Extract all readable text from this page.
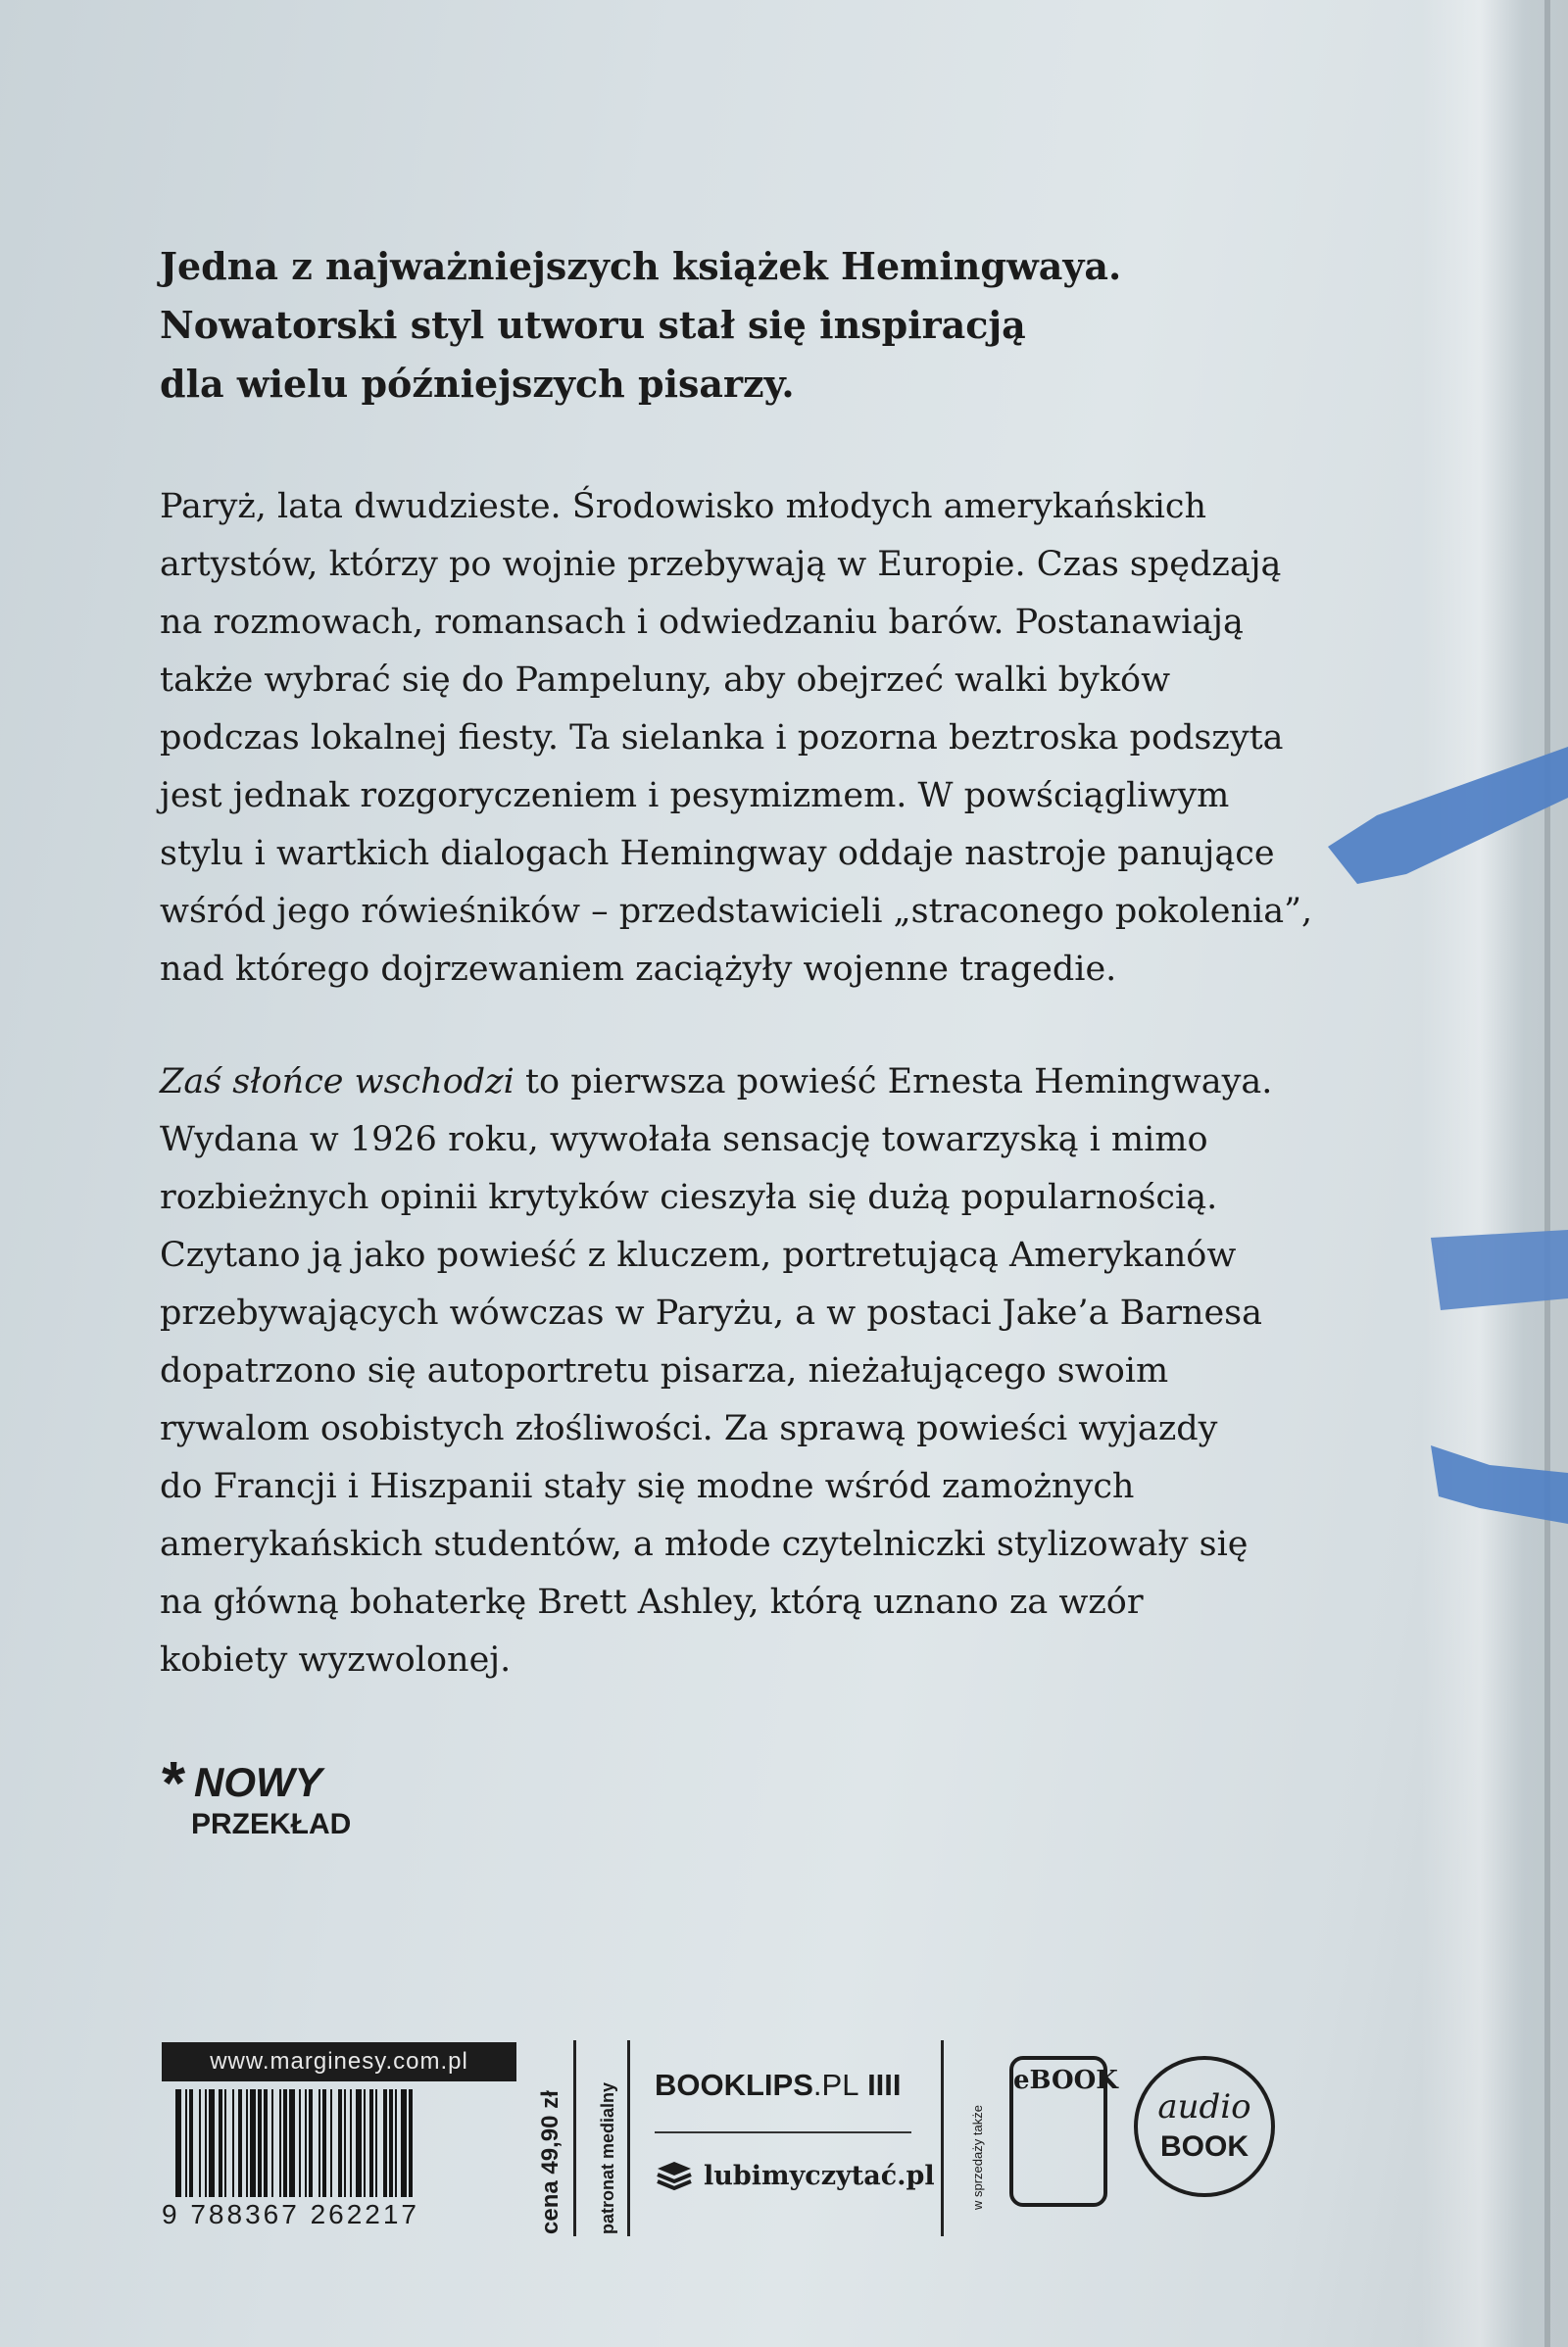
Jedna z najważniejszych książek Hemingwaya.
Nowatorski styl utworu stał się inspiracją
dla wielu późniejszych pisarzy.
Paryż, lata dwudzieste. Środowisko młodych amerykańskich
artystów, którzy po wojnie przebywają w Europie. Czas spędzają
na rozmowach, romansach i odwiedzaniu barów. Postanawiają
także wybrać się do Pampeluny, aby obejrzeć walki byków
podczas lokalnej fiesty. Ta sielanka i pozorna beztroska podszyta
jest jednak rozgoryczeniem i pesymizmem. W powściągliwym
stylu i wartkich dialogach Hemingway oddaje nastroje panujące
wśród jego rówieśników – przedstawicieli „straconego pokolenia”,
nad którego dojrzewaniem zaciążyły wojenne tragedie.
Zaś słońce wschodzi to pierwsza powieść Ernesta Hemingwaya.
Wydana w 1926 roku, wywołała sensację towarzyską i mimo
rozbieżnych opinii krytyków cieszyła się dużą popularnością.
Czytano ją jako powieść z kluczem, portretującą Amerykanów
przebywających wówczas w Paryżu, a w postaci Jake’a Barnesa
dopatrzono się autoportretu pisarza, nieżałującego swoim
rywalom osobistych złośliwości. Za sprawą powieści wyjazdy
do Francji i Hiszpanii stały się modne wśród zamożnych
amerykańskich studentów, a młode czytelniczki stylizowały się
na główną bohaterkę Brett Ashley, którą uznano za wzór
kobiety wyzwolonej.
* NOWY
PRZEKŁAD
www.marginesy.com.pl
9 788367 262217	cena 49,90 zł patronat medialny BOOKLIPS.PL IIII
lubimyczytać.pl	w sprzedaży także
eBOOK
audio
BOOK
